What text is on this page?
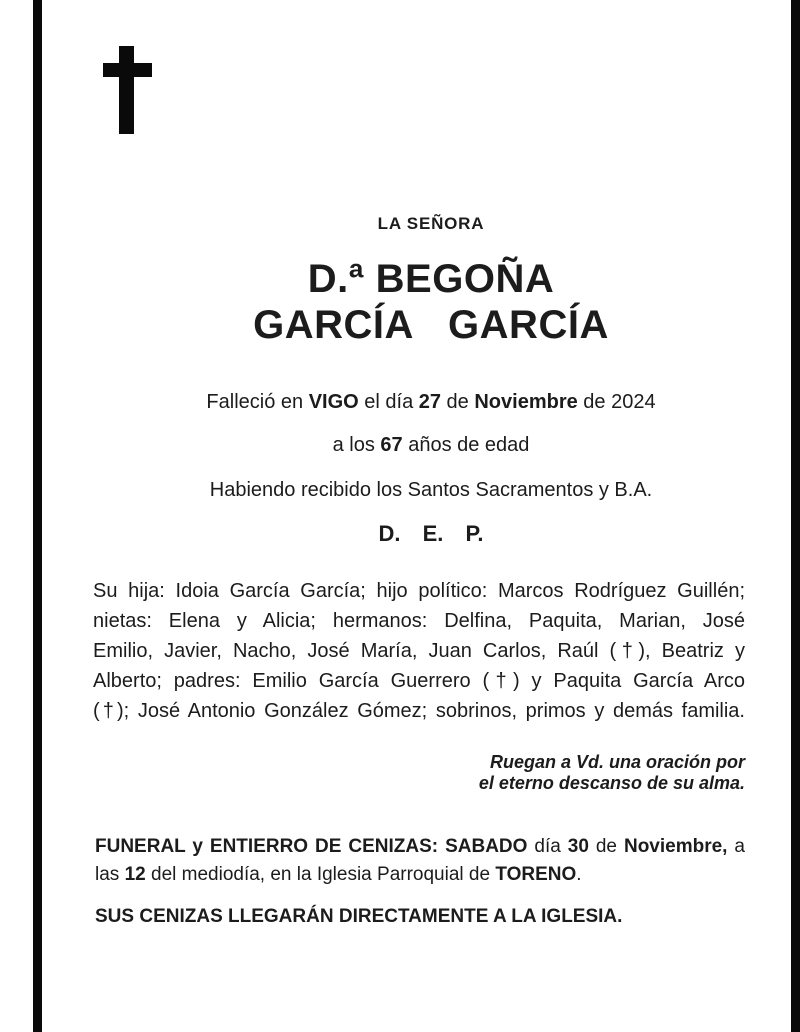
LA SEÑORA
D.ª BEGOÑA
GARCÍA GARCÍA
Falleció en VIGO el día 27 de Noviembre de 2024
a los 67 años de edad
Habiendo recibido los Santos Sacramentos y B.A.
D. E. P.
Su hija: Idoia García García; hijo político: Marcos Rodríguez Guillén;
nietas: Elena y Alicia; hermanos: Delfina, Paquita, Marian, José
Emilio, Javier, Nacho, José María, Juan Carlos, Raúl (†), Beatriz y
Alberto; padres: Emilio García Guerrero (†) y Paquita García Arco
(†); José Antonio González Gómez; sobrinos, primos y demás familia.
Ruegan a Vd. una oración por
el eterno descanso de su alma.
FUNERAL y ENTIERRO DE CENIZAS: SABADO día 30 de Noviembre, a
las 12 del mediodía, en la Iglesia Parroquial de TORENO.
SUS CENIZAS LLEGARÁN DIRECTAMENTE A LA IGLESIA.
